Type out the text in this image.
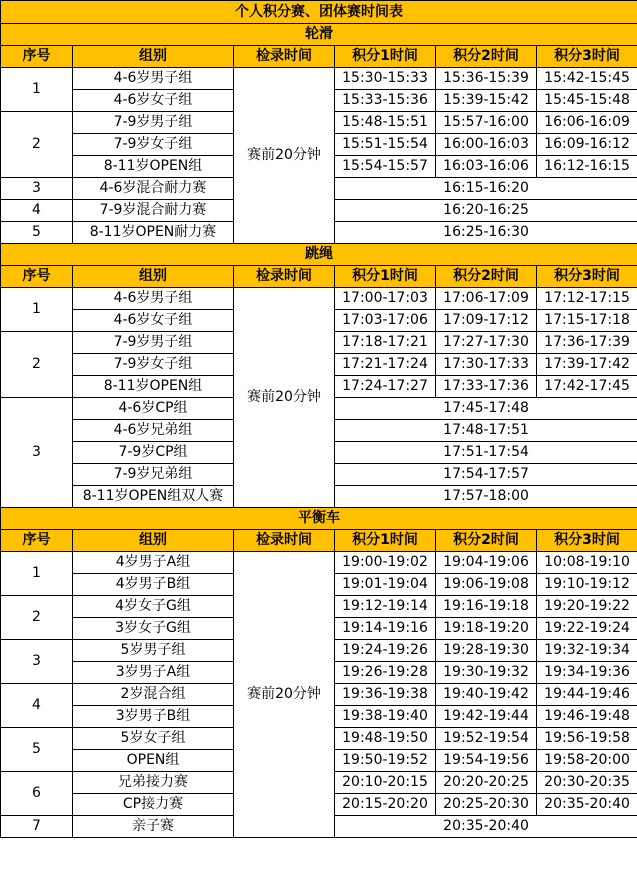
个人积分赛、团体赛时间表					
轮滑					
序号	组别	检录时间	积分1时间	积分2时间	积分3时间
1	4-6岁男子组	赛前20分钟	15:30-15:33	15:36-15:39	15:42-15:45
	4-6岁女子组		15:33-15:36	15:39-15:42	15:45-15:48
2	7-9岁男子组		15:48-15:51	15:57-16:00	16:06-16:09
	7-9岁女子组		15:51-15:54	16:00-16:03	16:09-16:12
	8-11岁OPEN组		15:54-15:57	16:03-16:06	16:12-16:15
3	4-6岁混合耐力赛		16:15-16:20		
4	7-9岁混合耐力赛		16:20-16:25		
5	8-11岁OPEN耐力赛		16:25-16:30		
跳绳					
序号	组别	检录时间	积分1时间	积分2时间	积分3时间
1	4-6岁男子组	赛前20分钟	17:00-17:03	17:06-17:09	17:12-17:15
	4-6岁女子组		17:03-17:06	17:09-17:12	17:15-17:18
2	7-9岁男子组		17:18-17:21	17:27-17:30	17:36-17:39
	7-9岁女子组		17:21-17:24	17:30-17:33	17:39-17:42
	8-11岁OPEN组		17:24-17:27	17:33-17:36	17:42-17:45
3	4-6岁CP组		17:45-17:48		
	4-6岁兄弟组		17:48-17:51		
	7-9岁CP组		17:51-17:54		
	7-9岁兄弟组		17:54-17:57		
	8-11岁OPEN组双人赛		17:57-18:00		
平衡车					
序号	组别	检录时间	积分1时间	积分2时间	积分3时间
1	4岁男子A组	赛前20分钟	19:00-19:02	19:04-19:06	10:08-19:10
	4岁男子B组		19:01-19:04	19:06-19:08	19:10-19:12
2	4岁女子G组		19:12-19:14	19:16-19:18	19:20-19:22
	3岁女子G组		19:14-19:16	19:18-19:20	19:22-19:24
3	5岁男子组		19:24-19:26	19:28-19:30	19:32-19:34
	3岁男子A组		19:26-19:28	19:30-19:32	19:34-19:36
4	2岁混合组		19:36-19:38	19:40-19:42	19:44-19:46
	3岁男子B组		19:38-19:40	19:42-19:44	19:46-19:48
5	5岁女子组		19:48-19:50	19:52-19:54	19:56-19:58
	OPEN组		19:50-19:52	19:54-19:56	19:58-20:00
6	兄弟接力赛		20:10-20:15	20:20-20:25	20:30-20:35
	CP接力赛		20:15-20:20	20:25-20:30	20:35-20:40
7	亲子赛		20:35-20:40		
